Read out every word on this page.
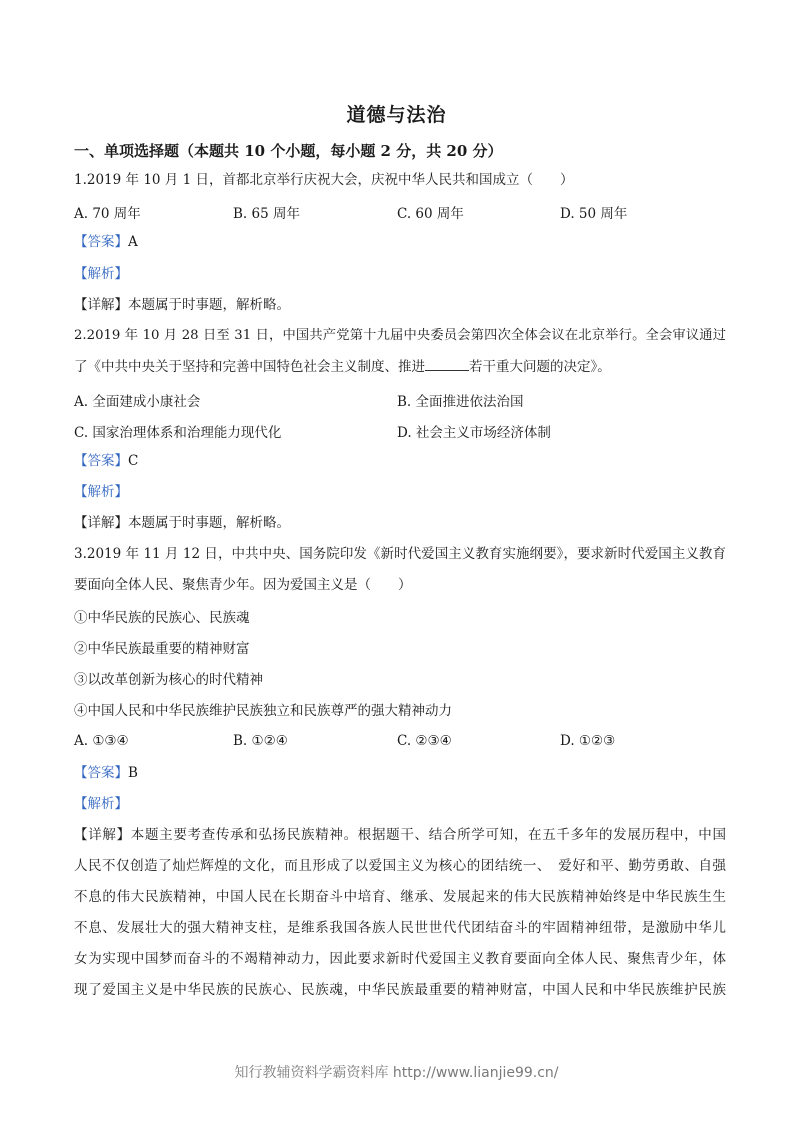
道德与法治
一、单项选择题（本题共 10 个小题，每小题 2 分，共 20 分）
1.2019 年 10 月 1 日，首都北京举行庆祝大会，庆祝中华人民共和国成立（　　）
A. 70 周年	B. 65 周年	C. 60 周年	D. 50 周年
【答案】A
【解析】
【详解】本题属于时事题，解析略。
2.2019 年 10 月 28 日至 31 日，中国共产党第十九届中央委员会第四次全体会议在北京举行。全会审议通过
了《中共中央关于坚持和完善中国特色社会主义制度、推进	若干重大问题的决定》。
A. 全面建成小康社会	B. 全面推进依法治国
C. 国家治理体系和治理能力现代化	D. 社会主义市场经济体制
【答案】C
【解析】
【详解】本题属于时事题，解析略。
3.2019 年 11 月 12 日，中共中央、国务院印发《新时代爱国主义教育实施纲要》，要求新时代爱国主义教育
要面向全体人民、聚焦青少年。因为爱国主义是（　　）
①中华民族的民族心、民族魂
②中华民族最重要的精神财富
③以改革创新为核心的时代精神
④中国人民和中华民族维护民族独立和民族尊严的强大精神动力
A. ①③④	B. ①②④	C. ②③④	D. ①②③
【答案】B
【解析】
【详解】本题主要考查传承和弘扬民族精神。根据题干、结合所学可知，在五千多年的发展历程中，中国
人民不仅创造了灿烂辉煌的文化，而且形成了以爱国主义为核心的团结统一、　爱好和平、勤劳勇敢、自强
不息的伟大民族精神，中国人民在长期奋斗中培育、继承、发展起来的伟大民族精神始终是中华民族生生
不息、发展壮大的强大精神支柱，是维系我国各族人民世世代代团结奋斗的牢固精神纽带，是激励中华儿
女为实现中国梦而奋斗的不竭精神动力，因此要求新时代爱国主义教育要面向全体人民、聚焦青少年，体
现了爱国主义是中华民族的民族心、民族魂，中华民族最重要的精神财富，中国人民和中华民族维护民族
知行教辅资料学霸资料库 http://www.lianjie99.cn/
